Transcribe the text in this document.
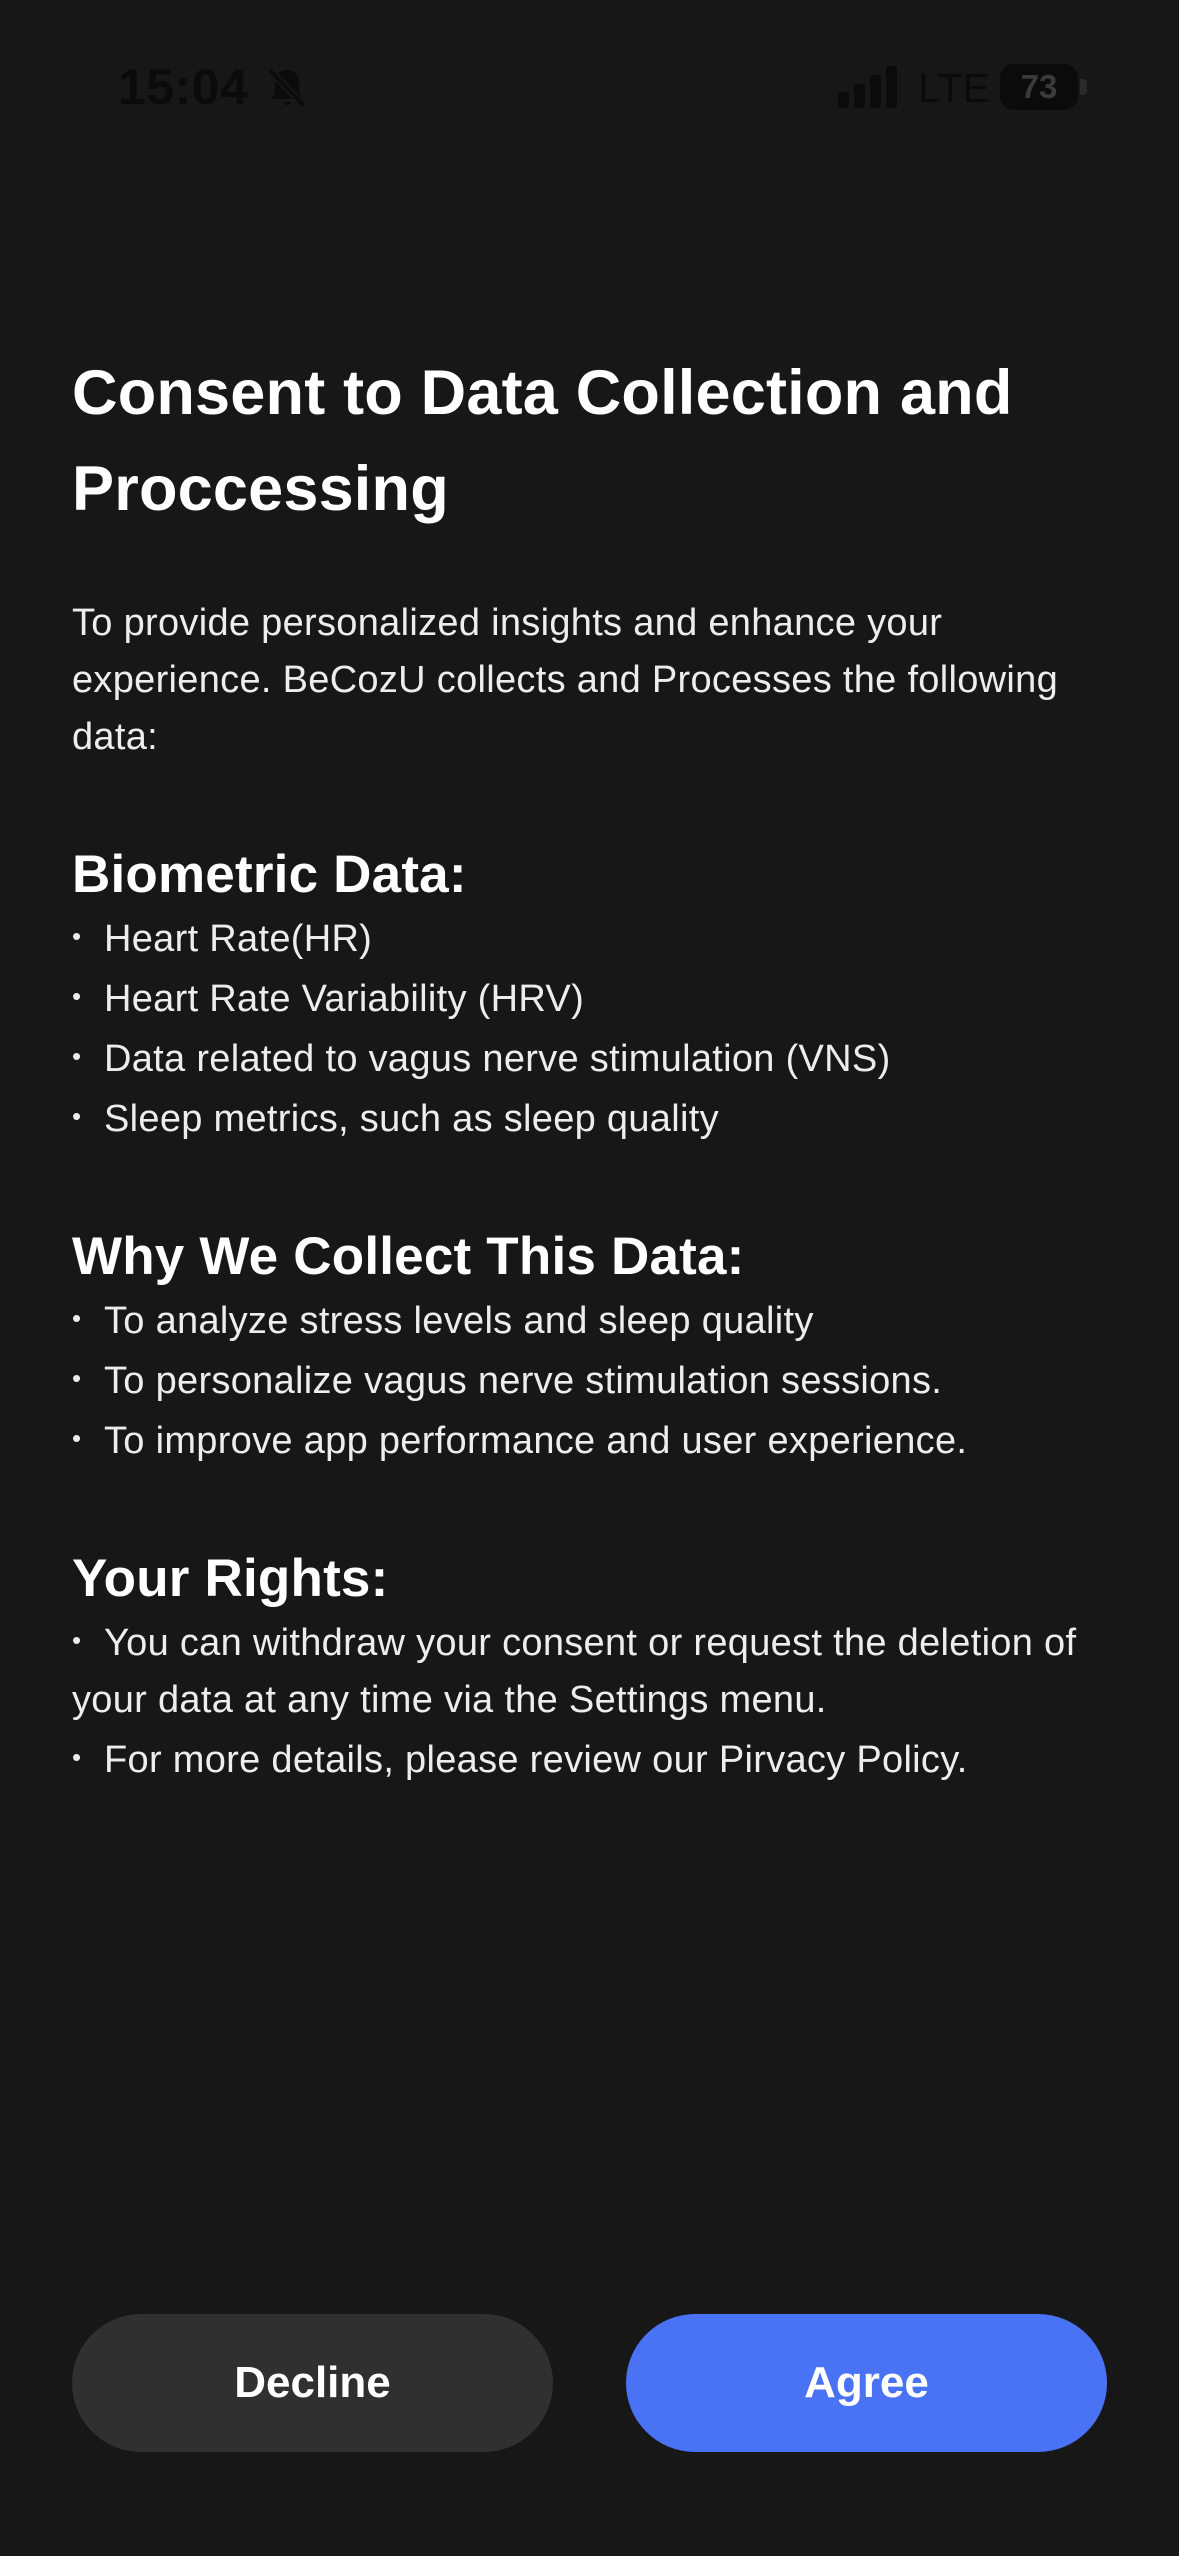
15:04	LTE 73
Consent to Data Collection and Proccessing

To provide personalized insights and enhance your experience. BeCozU collects and Processes the following data:

Biometric Data:
• Heart Rate(HR)
• Heart Rate Variability (HRV)
• Data related to vagus nerve stimulation (VNS)
• Sleep metrics, such as sleep quality
Why We Collect This Data:
• To analyze stress levels and sleep quality
• To personalize vagus nerve stimulation sessions.
• To improve app performance and user experience.
Your Rights:
• You can withdraw your consent or request the deletion of your data at any time via the Settings menu.
• For more details, please review our Pirvacy Policy.
Decline	Agree
